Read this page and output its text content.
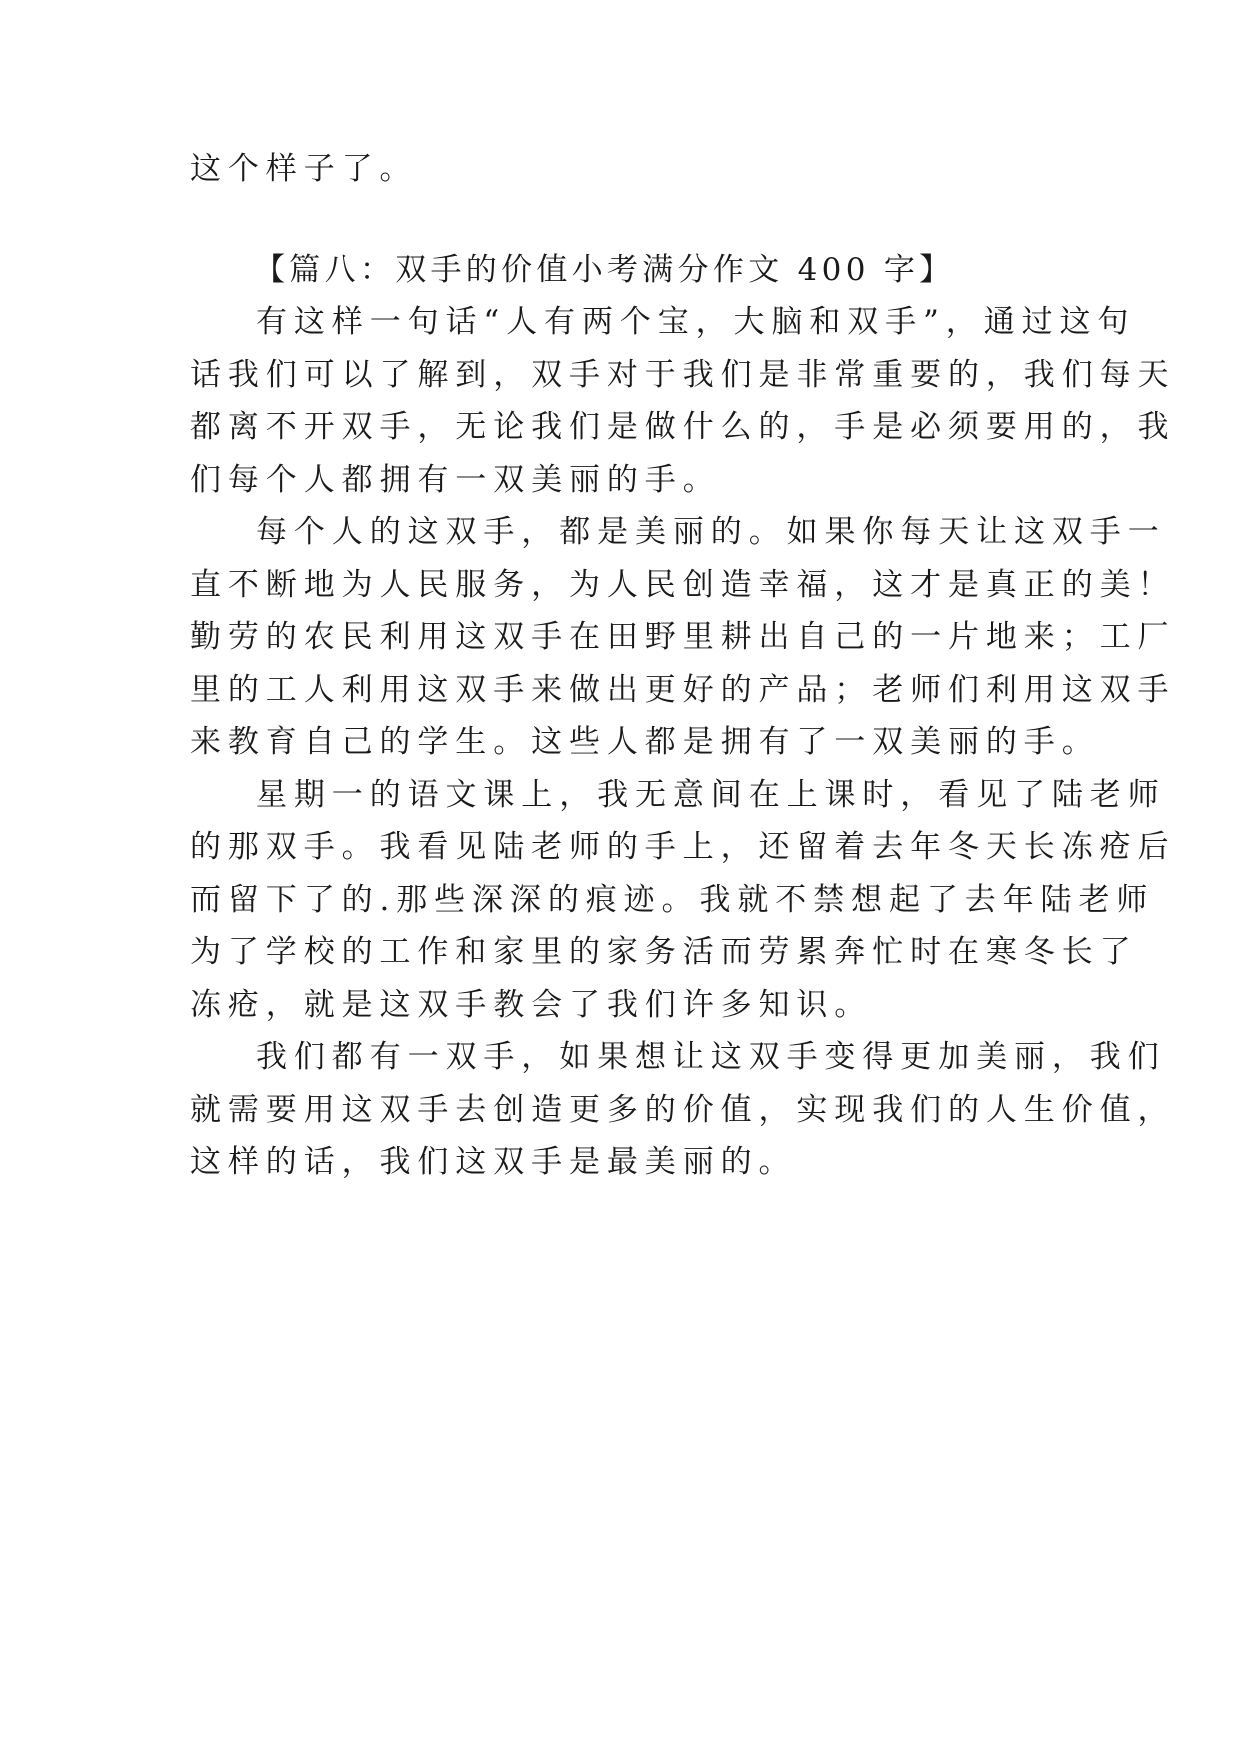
这个样子了。
【篇八：双手的价值小考满分作文 400 字】
有这样一句话“人有两个宝，大脑和双手”，通过这句
话我们可以了解到，双手对于我们是非常重要的，我们每天
都离不开双手，无论我们是做什么的，手是必须要用的，我
们每个人都拥有一双美丽的手。
每个人的这双手，都是美丽的。如果你每天让这双手一
直不断地为人民服务，为人民创造幸福，这才是真正的美！
勤劳的农民利用这双手在田野里耕出自己的一片地来；工厂
里的工人利用这双手来做出更好的产品；老师们利用这双手
来教育自己的学生。这些人都是拥有了一双美丽的手。
星期一的语文课上，我无意间在上课时，看见了陆老师
的那双手。我看见陆老师的手上，还留着去年冬天长冻疮后
而留下了的.那些深深的痕迹。我就不禁想起了去年陆老师
为了学校的工作和家里的家务活而劳累奔忙时在寒冬长了
冻疮，就是这双手教会了我们许多知识。
我们都有一双手，如果想让这双手变得更加美丽，我们
就需要用这双手去创造更多的价值，实现我们的人生价值，
这样的话，我们这双手是最美丽的。
